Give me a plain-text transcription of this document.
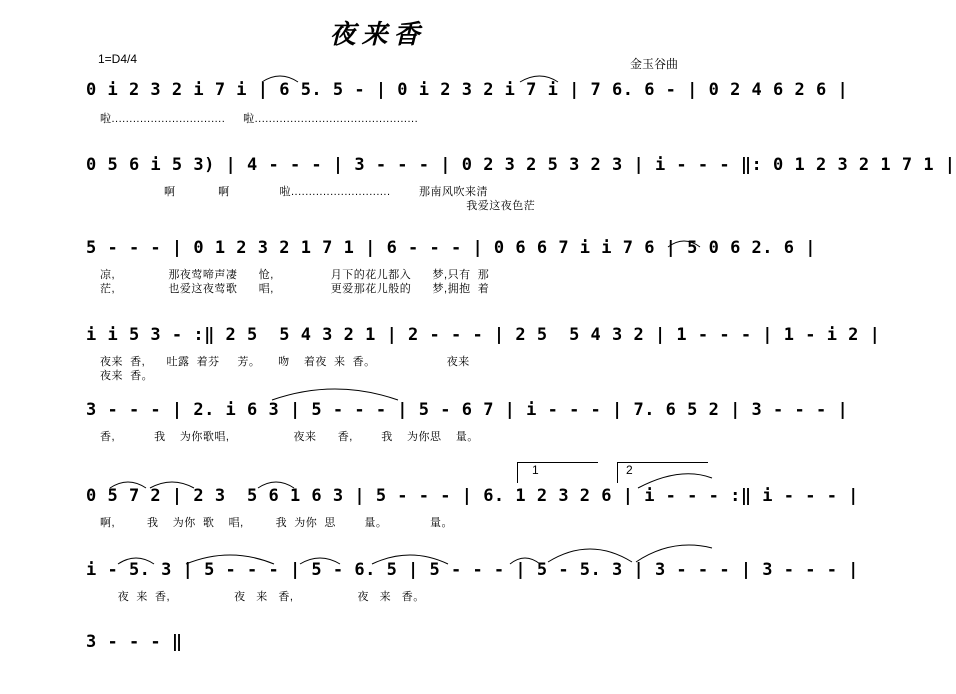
夜来香
1=D4/4	金玉谷曲
0 i 2 3 2 i 7 i | 6 5. 5 - | 0 i 2 3 2 i 7 i | 7 6. 6 - | 0 2 4 6 2 6 |
啦................................     啦..............................................
0 5 6 i 5 3) | 4 - - - | 3 - - - | 0 2 3 2 5 3 2 3 | i - - - ‖: 0 1 2 3 2 1 7 1 |
啊            啊              啦............................        那南风吹来清
我爱这夜色茫
5 - - - | 0 1 2 3 2 1 7 1 | 6 - - - | 0 6 6 7 i i 7 6 | 5 0 6 2. 6 |
凉,               那夜莺啼声凄      怆,                月下的花儿都入      梦,只有  那
茫,               也爱这夜莺歌      唱,                更爱那花儿般的      梦,拥抱  着
i i 5 3 - :‖ 2 5  5 4 3 2 1 | 2 - - - | 2 5  5 4 3 2 | 1 - - - | 1 - i 2 |
夜来  香,      吐露  着芬     芳。     吻    着夜  来  香。                    夜来
夜来  香。
3 - - - | 2. i 6 3 | 5 - - - | 5 - 6 7 | i - - - | 7. 6 5 2 | 3 - - - |
香,           我    为你歌唱,                  夜来      香,        我    为你思    量。
1	2
0 5 7 2 | 2 3  5 6 1 6 3 | 5 - - - | 6. 1 2 3 2 6 | i - - - :‖ i - - - |
啊,         我    为你  歌    唱,         我  为你  思        量。            量。
i - 5. 3 | 5 - - - | 5 - 6. 5 | 5 - - - | 5 - 5. 3 | 3 - - - | 3 - - - |
夜  来  香,                  夜   来   香,                  夜   来   香。
3 - - - ‖
